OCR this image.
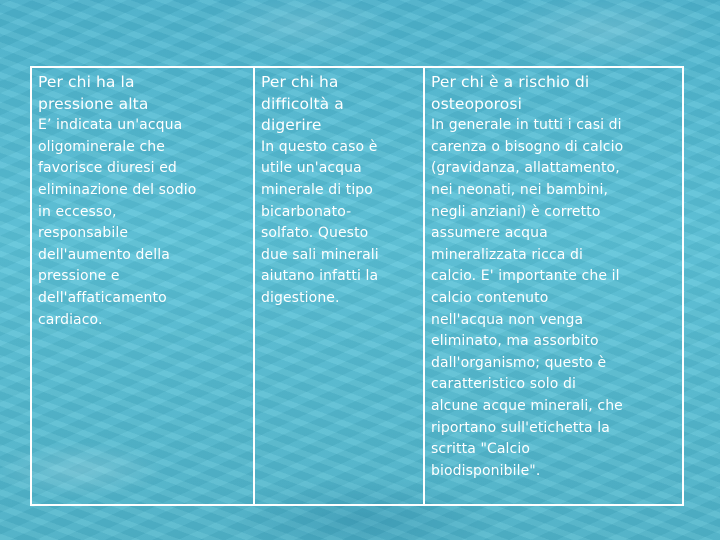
Per chi ha la
pressione alta
E’ indicata un'acqua
oligominerale che
favorisce diuresi ed
eliminazione del sodio
in eccesso,
responsabile
dell'aumento della
pressione e
dell'affaticamento
cardiaco.
Per chi ha
difficoltà a
digerire
In questo caso è
utile un'acqua
minerale di tipo
bicarbonato-
solfato. Questo
due sali minerali
aiutano infatti la
digestione.
Per chi è a rischio di
osteoporosi
In generale in tutti i casi di
carenza o bisogno di calcio
(gravidanza, allattamento,
nei neonati, nei bambini,
negli anziani) è corretto
assumere acqua
mineralizzata ricca di
calcio. E' importante che il
calcio contenuto
nell'acqua non venga
eliminato, ma assorbito
dall'organismo; questo è
caratteristico solo di
alcune acque minerali, che
riportano sull'etichetta la
scritta "Calcio
biodisponibile".
